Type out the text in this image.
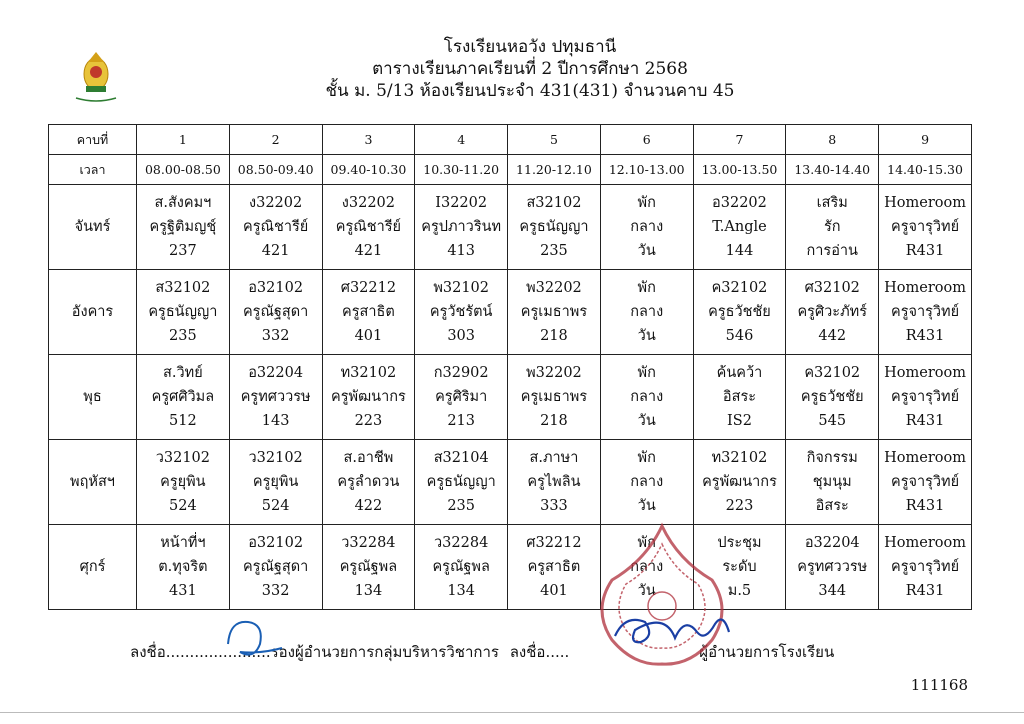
โรงเรียนหอวัง ปทุมธานี
ตารางเรียนภาคเรียนที่ 2 ปีการศึกษา 2568
ชั้น ม. 5/13 ห้องเรียนประจำ 431(431) จำนวนคาบ 45
คาบที่	1	2	3	4	5	6	7	8	9
เวลา	08.00-08.50	08.50-09.40	09.40-10.30	10.30-11.20	11.20-12.10	12.10-13.00	13.00-13.50	13.40-14.40	14.40-15.30
จันทร์	ส.สังคมฯ
ครูฐิติมญชุ์
237	ง32202
ครูณิชารีย์
421	ง32202
ครูณิชารีย์
421	I32202
ครูปภาวรินท
413	ส32102
ครูธนัญญา
235	พัก
กลาง
วัน	อ32202
T.Angle
144	เสริม
รัก
การอ่าน	Homeroom
ครูจารุวิทย์
R431

อังคาร	ส32102
ครูธนัญญา
235	อ32102
ครูณัฐสุดา
332	ศ32212
ครูสาธิต
401	พ32102
ครูวัชรัตน์
303	พ32202
ครูเมธาพร
218	พัก
กลาง
วัน	ค32102
ครูธวัชชัย
546	ศ32102
ครูศิวะภัทร์
442	Homeroom
ครูจารุวิทย์
R431

พุธ	ส.วิทย์
ครูศศิวิมล
512	อ32204
ครูทศววรษ
143	ท32102
ครูพัฒนากร
223	ก32902
ครูศิริมา
213	พ32202
ครูเมธาพร
218	พัก
กลาง
วัน	ค้นคว้า
อิสระ
IS2	ค32102
ครูธวัชชัย
545	Homeroom
ครูจารุวิทย์
R431

พฤหัสฯ	ว32102
ครูยุพิน
524	ว32102
ครูยุพิน
524	ส.อาชีพ
ครูลำดวน
422	ส32104
ครูธนัญญา
235	ส.ภาษา
ครูไพลิน
333	พัก
กลาง
วัน	ท32102
ครูพัฒนากร
223	กิจกรรม
ชุมนุม
อิสระ	Homeroom
ครูจารุวิทย์
R431

ศุกร์	หน้าที่ฯ
ต.ทุจริต
431	อ32102
ครูณัฐสุดา
332	ว32284
ครูณัฐพล
134	ว32284
ครูณัฐพล
134	ศ32212
ครูสาธิต
401	พัก
กลาง
วัน	ประชุม
ระดับ
ม.5	อ32204
ครูทศววรษ
344	Homeroom
ครูจารุวิทย์
R431
ลงชื่อ......................รองผู้อำนวยการกลุ่มบริหารวิชาการ ลงชื่อ.....	ผู้อำนวยการโรงเรียน
111168
